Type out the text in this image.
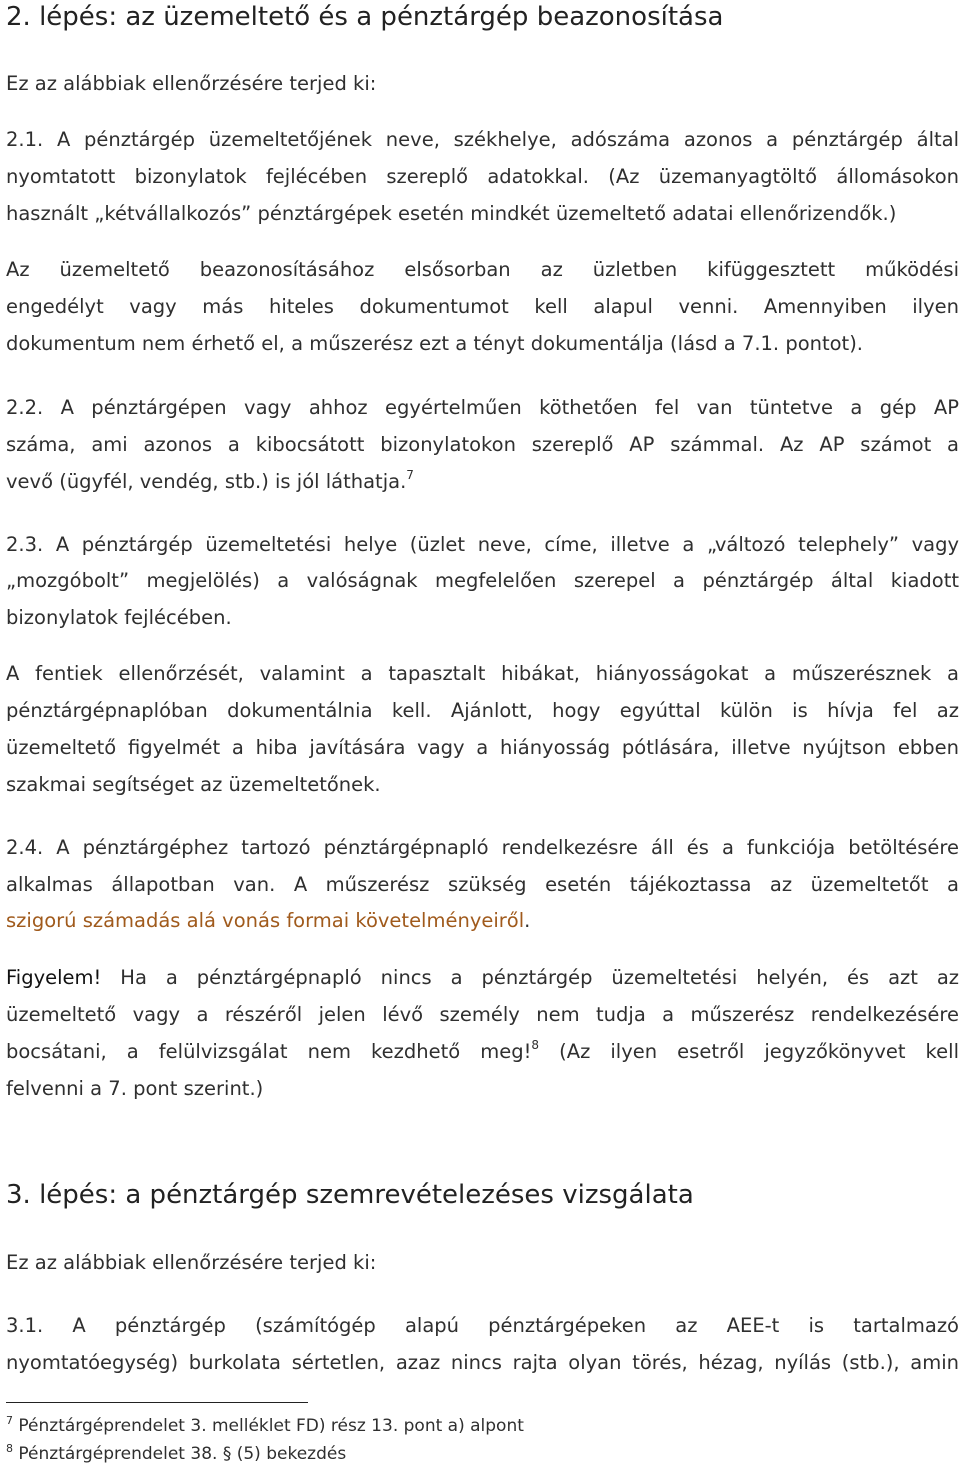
2. lépés: az üzemeltető és a pénztárgép beazonosítása
Ez az alábbiak ellenőrzésére terjed ki:
2.1. A pénztárgép üzemeltetőjének neve, székhelye, adószáma azonos a pénztárgép által
nyomtatott bizonylatok fejlécében szereplő adatokkal. (Az üzemanyagtöltő állomásokon
használt „kétvállalkozós” pénztárgépek esetén mindkét üzemeltető adatai ellenőrizendők.)
Az üzemeltető beazonosításához elsősorban az üzletben kifüggesztett működési
engedélyt vagy más hiteles dokumentumot kell alapul venni. Amennyiben ilyen
dokumentum nem érhető el, a műszerész ezt a tényt dokumentálja (lásd a 7.1. pontot).
2.2. A pénztárgépen vagy ahhoz egyértelműen köthetően fel van tüntetve a gép AP
száma, ami azonos a kibocsátott bizonylatokon szereplő AP számmal. Az AP számot a
vevő (ügyfél, vendég, stb.) is jól láthatja.$^7$
2.3. A pénztárgép üzemeltetési helye (üzlet neve, címe, illetve a „változó telephely” vagy
„mozgóbolt” megjelölés) a valóságnak megfelelően szerepel a pénztárgép által kiadott
bizonylatok fejlécében.
A fentiek ellenőrzését, valamint a tapasztalt hibákat, hiányosságokat a műszerésznek a
pénztárgépnaplóban dokumentálnia kell. Ajánlott, hogy egyúttal külön is hívja fel az
üzemeltető figyelmét a hiba javítására vagy a hiányosság pótlására, illetve nyújtson ebben
szakmai segítséget az üzemeltetőnek.
2.4. A pénztárgéphez tartozó pénztárgépnapló rendelkezésre áll és a funkciója betöltésére
alkalmas állapotban van. A műszerész szükség esetén tájékoztassa az üzemeltetőt a
szigorú számadás alá vonás formai követelményeiről.
Figyelem! Ha a pénztárgépnapló nincs a pénztárgép üzemeltetési helyén, és azt az
üzemeltető vagy a részéről jelen lévő személy nem tudja a műszerész rendelkezésére
bocsátani, a felülvizsgálat nem kezdhető meg!$^8$ (Az ilyen esetről jegyzőkönyvet kell
felvenni a 7. pont szerint.)
3. lépés: a pénztárgép szemrevételezéses vizsgálata
Ez az alábbiak ellenőrzésére terjed ki:
3.1. A pénztárgép (számítógép alapú pénztárgépeken az AEE-t is tartalmazó
nyomtatóegység) burkolata sértetlen, azaz nincs rajta olyan törés, hézag, nyílás (stb.), amin
$^7$ Pénztárgéprendelet 3. melléklet FD) rész 13. pont a) alpont
$^8$ Pénztárgéprendelet 38. § (5) bekezdés
